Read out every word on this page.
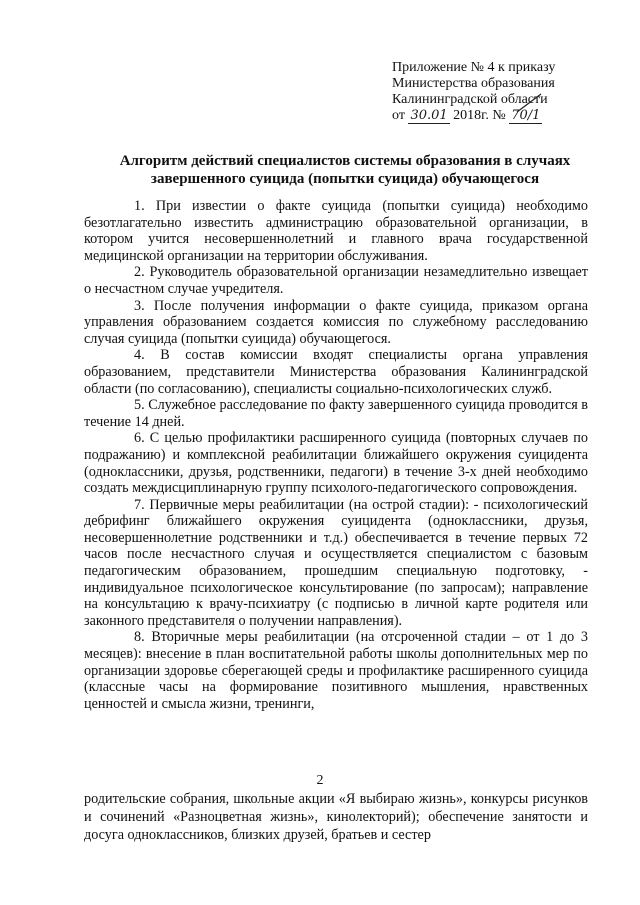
Приложение № 4 к приказу
Министерства образования
Калининградской области
от 30.01 2018г. № 70/1
Алгоритм действий специалистов системы образования в случаях завершенного суицида (попытки суицида) обучающегося

1. При известии о факте суицида (попытки суицида) необходимо безотлагательно известить администрацию образовательной организации, в котором учится несовершеннолетний и главного врача государственной медицинской организации на территории обслуживания.

2. Руководитель образовательной организации незамедлительно извещает о несчастном случае учредителя.

3. После получения информации о факте суицида, приказом органа управления образованием создается комиссия по служебному расследованию случая суицида (попытки суицида) обучающегося.

4. В состав комиссии входят специалисты органа управления образованием, представители Министерства образования Калининградской области (по согласованию), специалисты социально-психологических служб.

5. Служебное расследование по факту завершенного суицида проводится в течение 14 дней.

6. С целью профилактики расширенного суицида (повторных случаев по подражанию) и комплексной реабилитации ближайшего окружения суицидента (одноклассники, друзья, родственники, педагоги) в течение 3-х дней необходимо создать междисциплинарную группу психолого-педагогического сопровождения.

7. Первичные меры реабилитации (на острой стадии): - психологический дебрифинг ближайшего окружения суицидента (одноклассники, друзья, несовершеннолетние родственники и т.д.) обеспечивается в течение первых 72 часов после несчастного случая и осуществляется специалистом с базовым педагогическим образованием, прошедшим специальную подготовку, - индивидуальное психологическое консультирование (по запросам); направление на консультацию к врачу-психиатру (с подписью в личной карте родителя или законного представителя о получении направления).

8. Вторичные меры реабилитации (на отсроченной стадии – от 1 до 3 месяцев): внесение в план воспитательной работы школы дополнительных мер по организации здоровье сберегающей среды и профилактике расширенного суицида (классные часы на формирование позитивного мышления, нравственных ценностей и смысла жизни, тренинги,

2
родительские собрания, школьные акции «Я выбираю жизнь», конкурсы рисунков и сочинений «Разноцветная жизнь», кинолекторий); обеспечение занятости и досуга одноклассников, близких друзей, братьев и сестер
